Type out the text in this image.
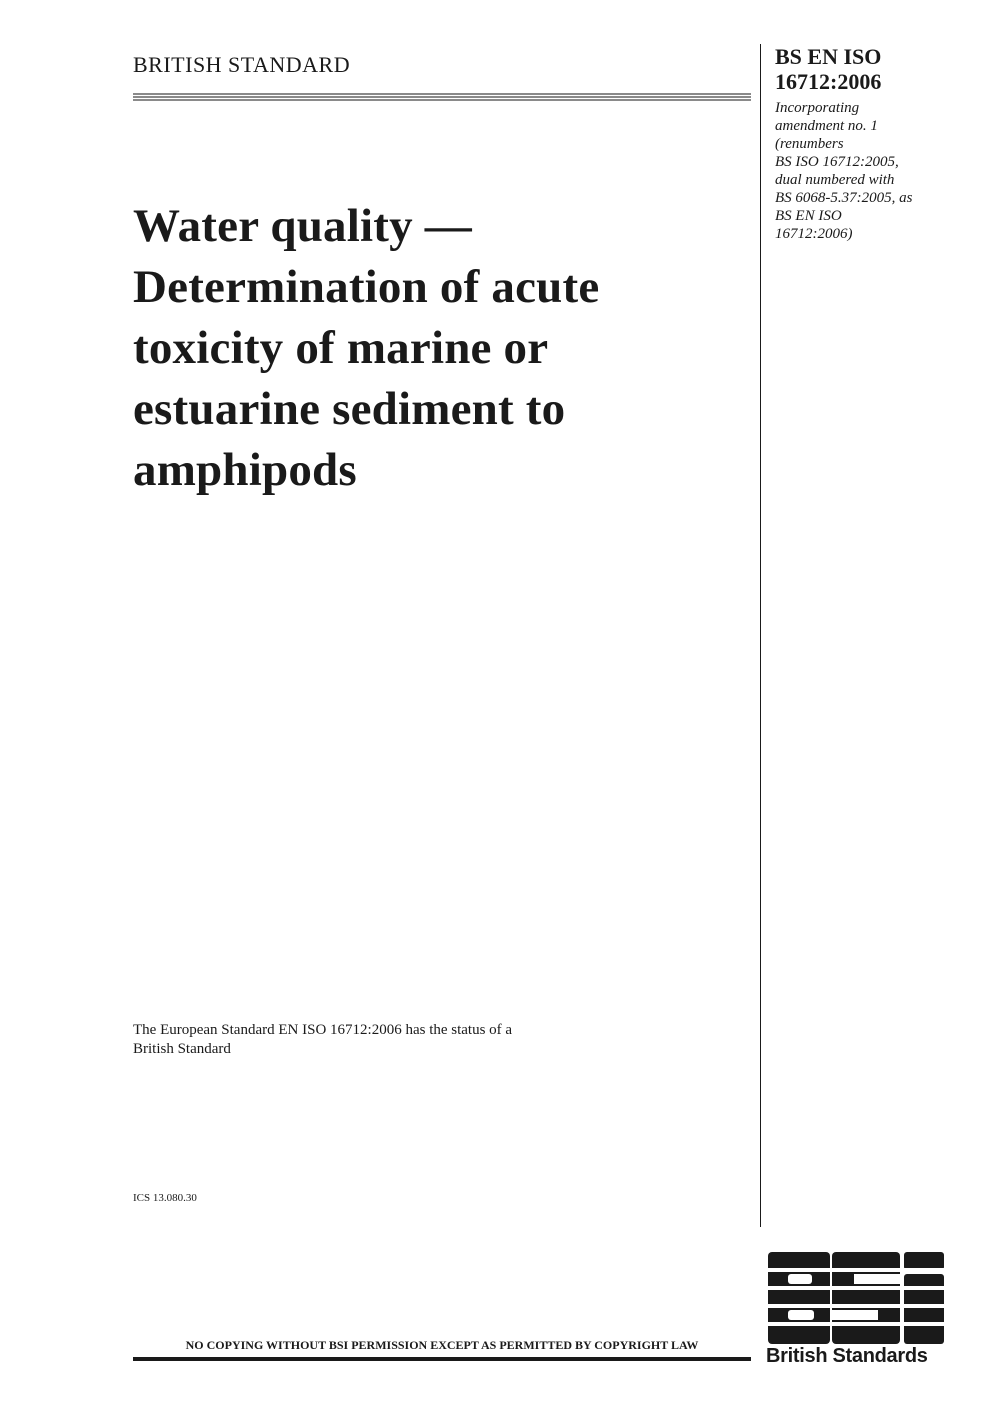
BRITISH STANDARD	BS EN ISO
16712:2006
Incorporating
amendment no. 1
(renumbers
BS ISO 16712:2005,
dual numbered with
BS 6068-5.37:2005, as
BS EN ISO
16712:2006)
Water quality —
Determination of acute
toxicity of marine or
estuarine sediment to
amphipods
The European Standard EN ISO 16712:2006 has the status of a
British Standard
ICS 13.080.30
NO COPYING WITHOUT BSI PERMISSION EXCEPT AS PERMITTED BY COPYRIGHT LAW	British Standards
